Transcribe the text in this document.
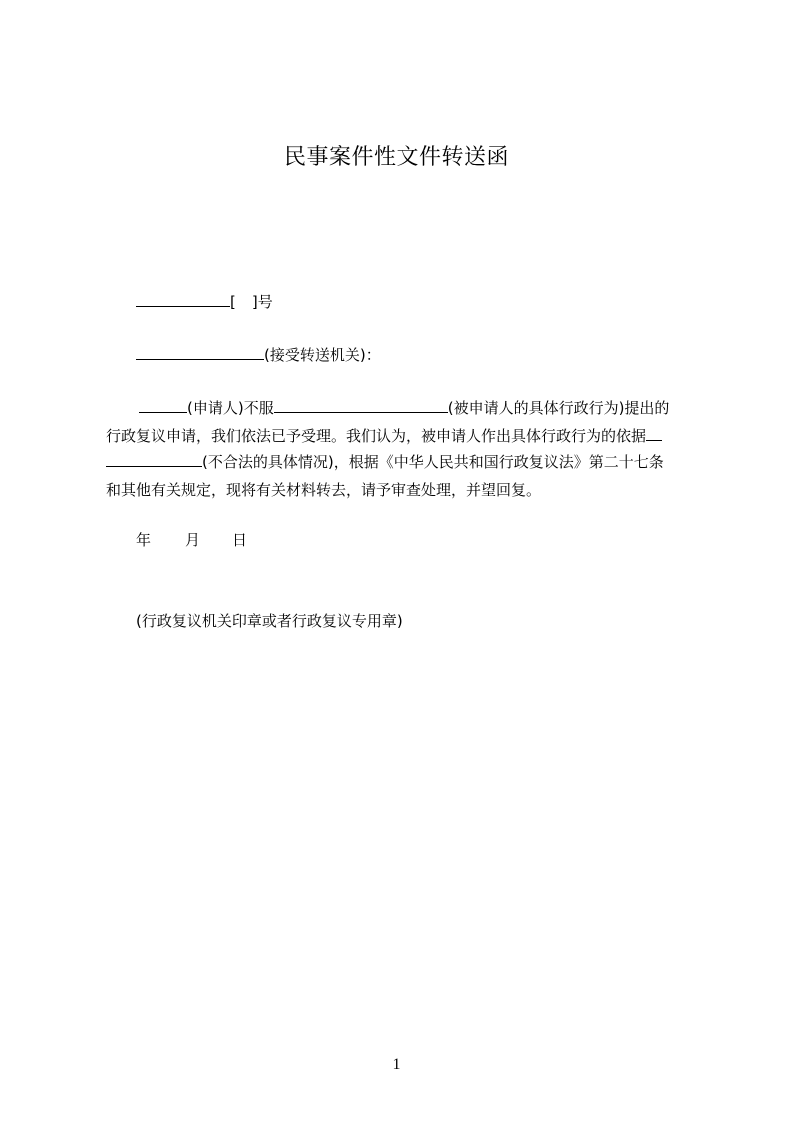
民事案件性文件转送函
[ ]号
(接受转送机关)：
(申请人)不服	(被申请人的具体行政行为)提出的
行政复议申请，我们依法已予受理。我们认为，被申请人作出具体行政行为的依据
(不合法的具体情况)，根据《中华人民共和国行政复议法》第二十七条
和其他有关规定，现将有关材料转去，请予审查处理，并望回复。
年 月 日
(行政复议机关印章或者行政复议专用章)
1
